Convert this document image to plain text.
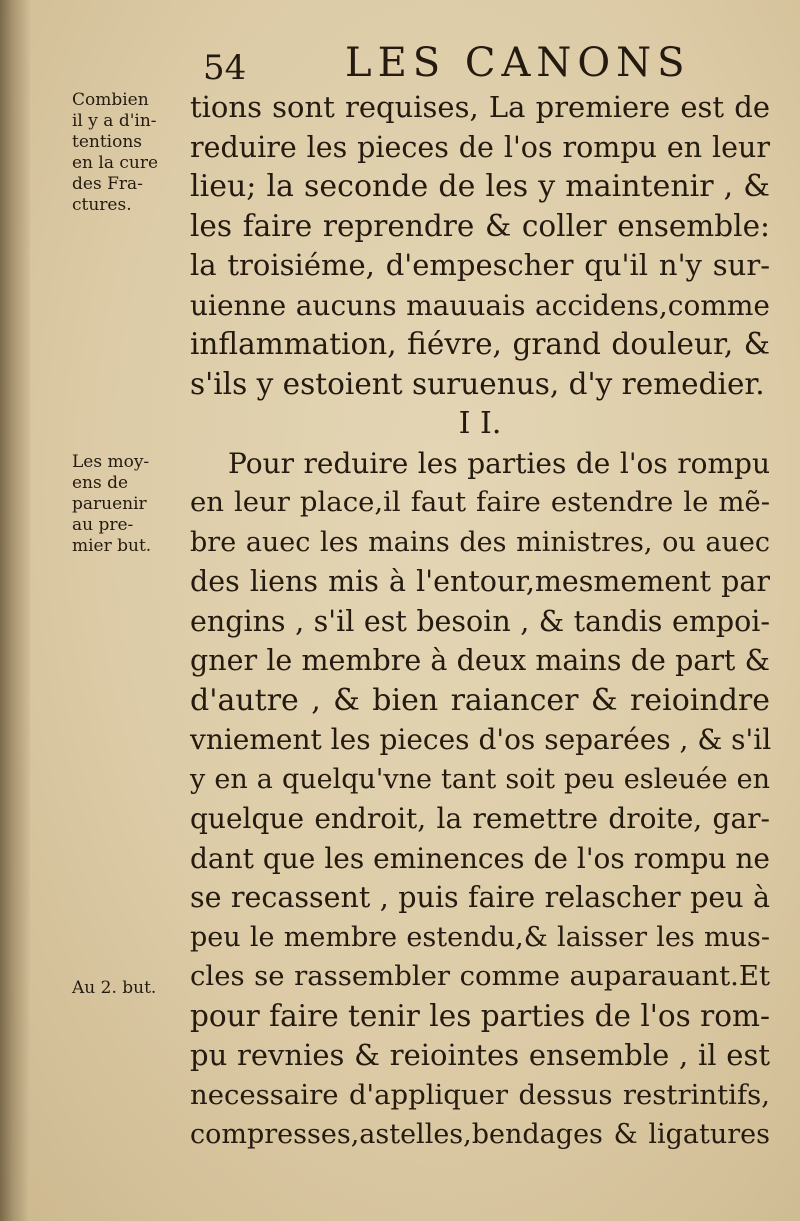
54 LES CANONS
Combien
il y a d'in-
tentions
en la cure
des Fra-
ctures.
Les moy-
ens de
paruenir
au pre-
mier but.
Au 2. but.
tions sont requises, La premiere est de
reduire les pieces de l'os rompu en leur
lieu; la seconde de les y maintenir , &
les faire reprendre & coller ensemble:
la troisiéme, d'empescher qu'il n'y sur-
uienne aucuns mauuais accidens,comme
inflammation, fiévre, grand douleur, &
s'ils y estoient suruenus, d'y remedier.
I I.
Pour reduire les parties de l'os rompu
en leur place,il faut faire estendre le mẽ-
bre auec les mains des ministres, ou auec
des liens mis à l'entour,mesmement par
engins , s'il est besoin , & tandis empoi-
gner le membre à deux mains de part &
d'autre , & bien raiancer & reioindre
vniement les pieces d'os separées , & s'il
y en a quelqu'vne tant soit peu esleuée en
quelque endroit, la remettre droite, gar-
dant que les eminences de l'os rompu ne
se recassent , puis faire relascher peu à
peu le membre estendu,& laisser les mus-
cles se rassembler comme auparauant.Et
pour faire tenir les parties de l'os rom-
pu revnies & reiointes ensemble , il est
necessaire d'appliquer dessus restrintifs,
compresses,astelles,bendages & ligatures
